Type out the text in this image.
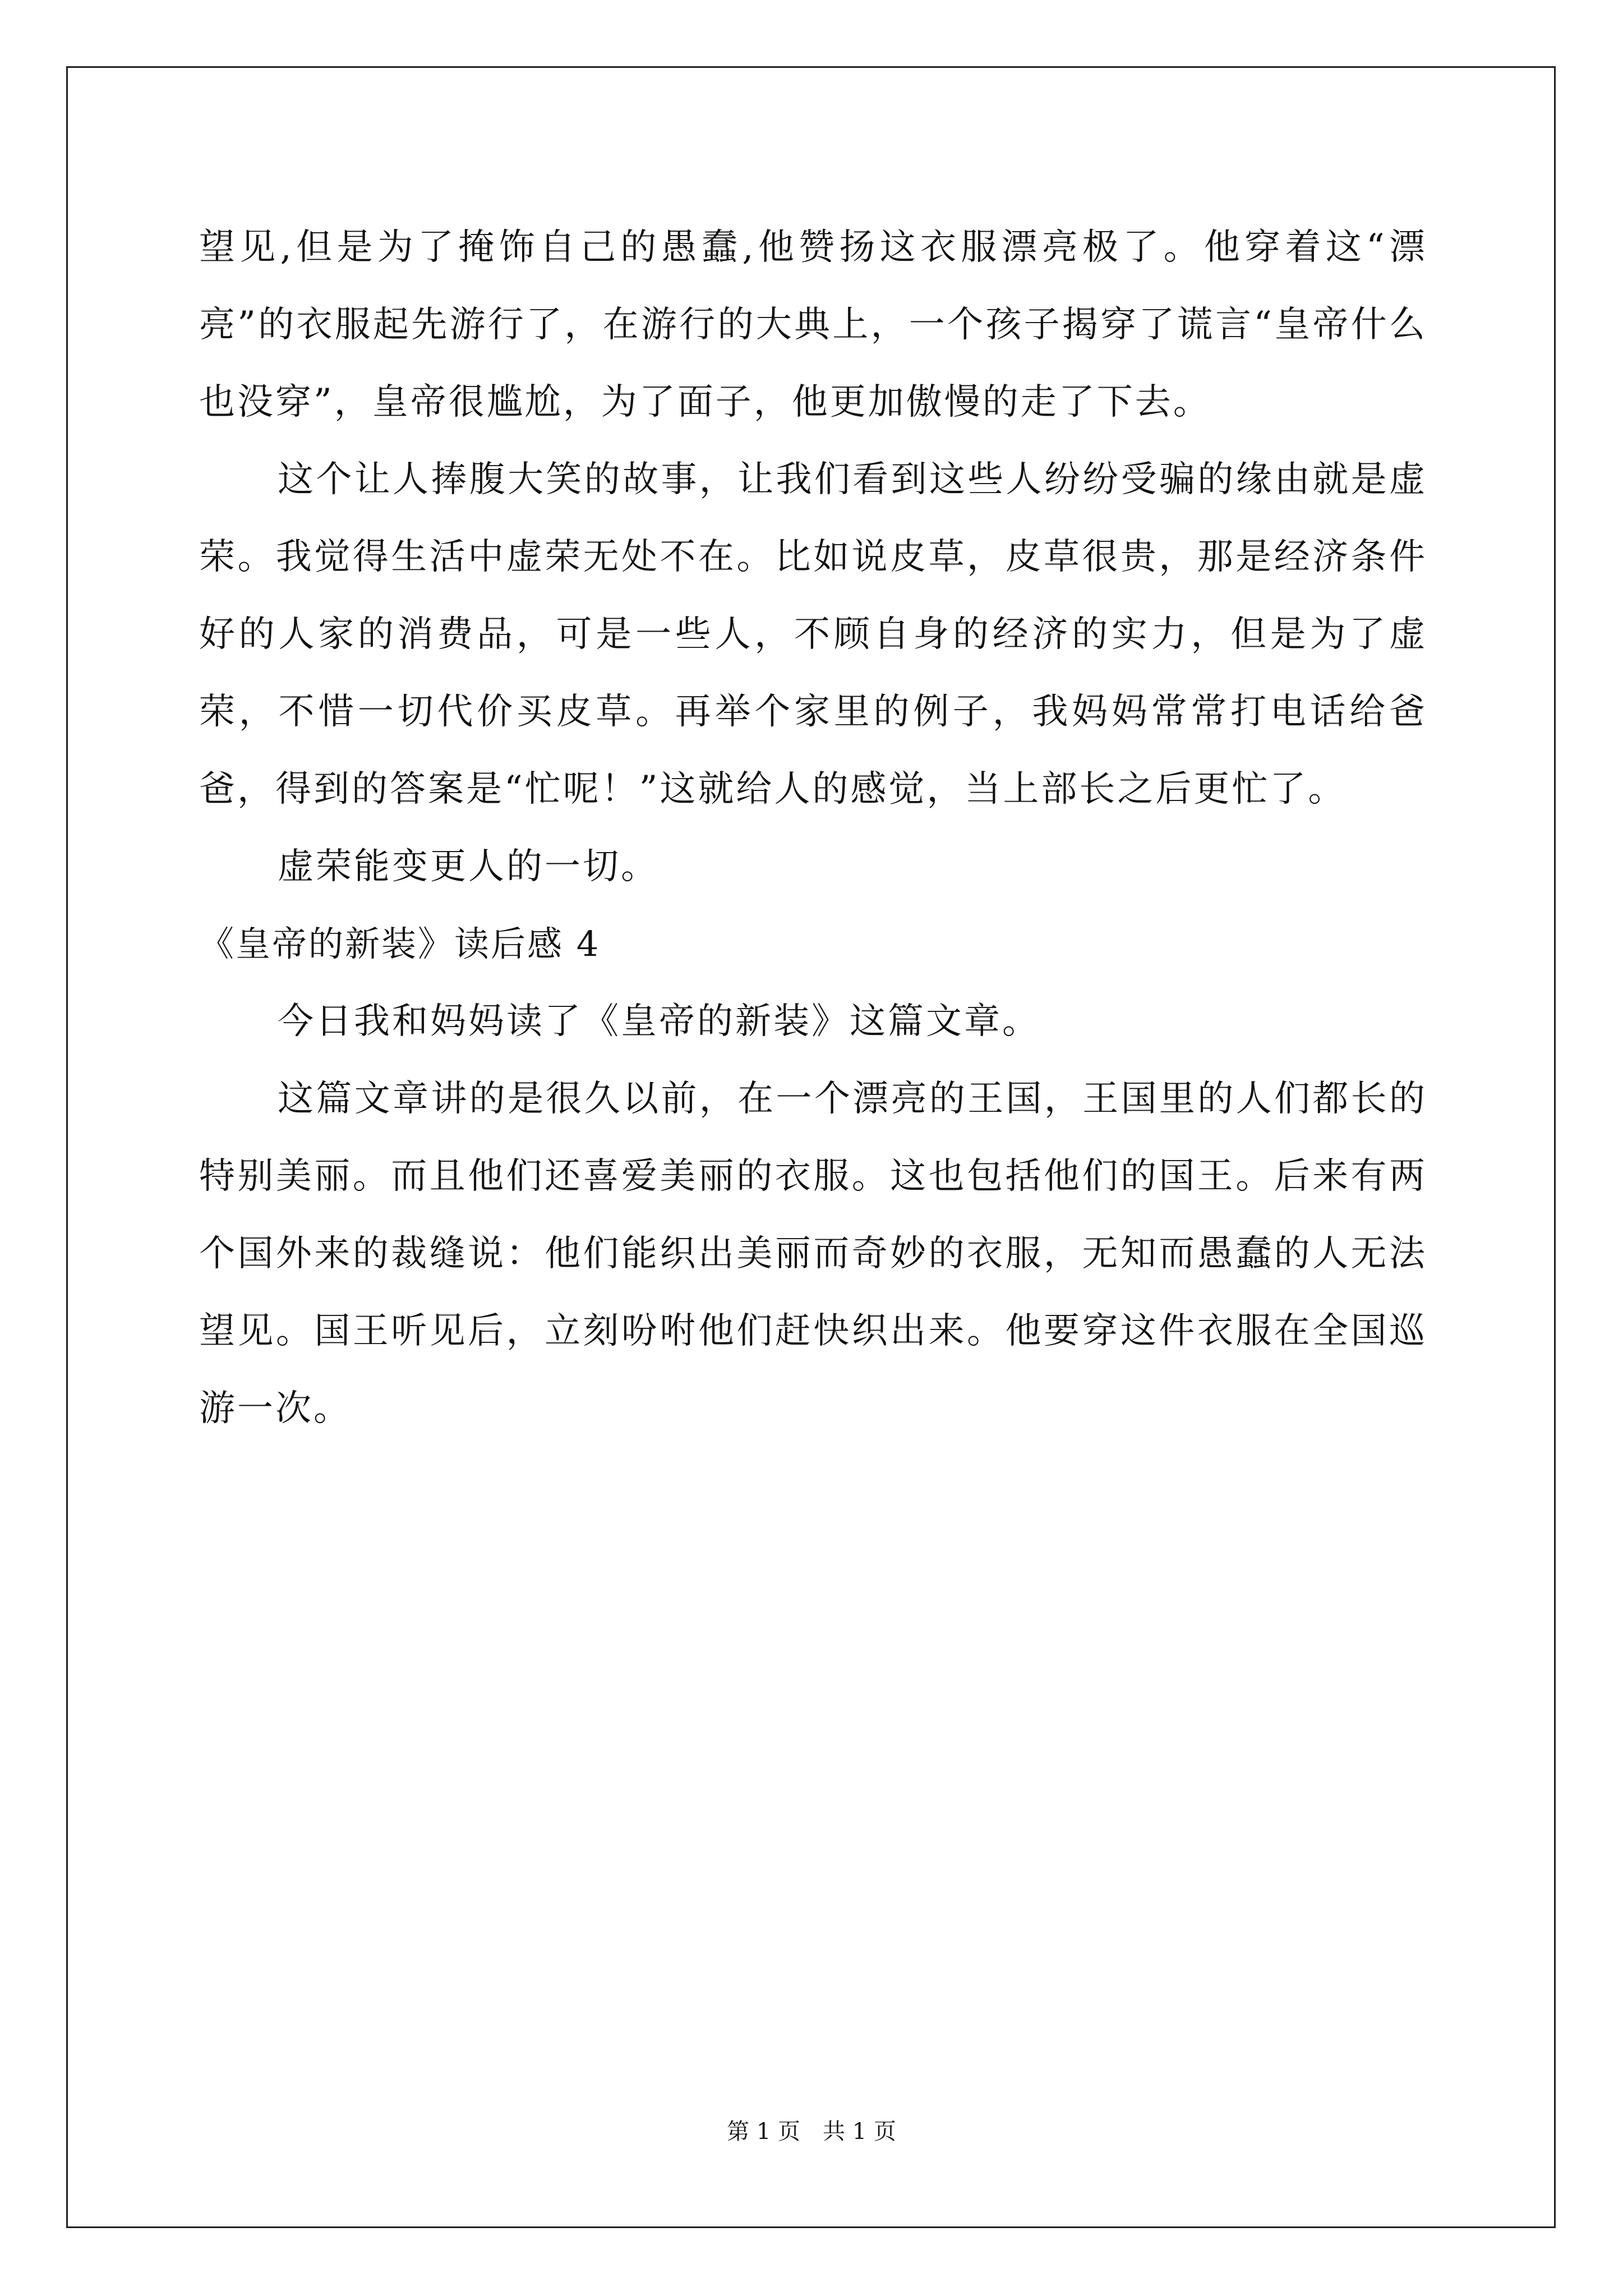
望见,但是为了掩饰自己的愚蠢,他赞扬这衣服漂亮极了。他穿着这“漂亮”的衣服起先游行了，在游行的大典上，一个孩子揭穿了谎言“皇帝什么也没穿”，皇帝很尴尬，为了面子，他更加傲慢的走了下去。

这个让人捧腹大笑的故事，让我们看到这些人纷纷受骗的缘由就是虚荣。我觉得生活中虚荣无处不在。比如说皮草，皮草很贵，那是经济条件好的人家的消费品，可是一些人，不顾自身的经济的实力，但是为了虚荣，不惜一切代价买皮草。再举个家里的例子，我妈妈常常打电话给爸爸，得到的答案是“忙呢！”这就给人的感觉，当上部长之后更忙了。

虚荣能变更人的一切。

《皇帝的新装》读后感 4

今日我和妈妈读了《皇帝的新装》这篇文章。

这篇文章讲的是很久以前，在一个漂亮的王国，王国里的人们都长的特别美丽。而且他们还喜爱美丽的衣服。这也包括他们的国王。后来有两个国外来的裁缝说：他们能织出美丽而奇妙的衣服，无知而愚蠢的人无法望见。国王听见后，立刻吩咐他们赶快织出来。他要穿这件衣服在全国巡游一次。

第 1 页　共 1 页
